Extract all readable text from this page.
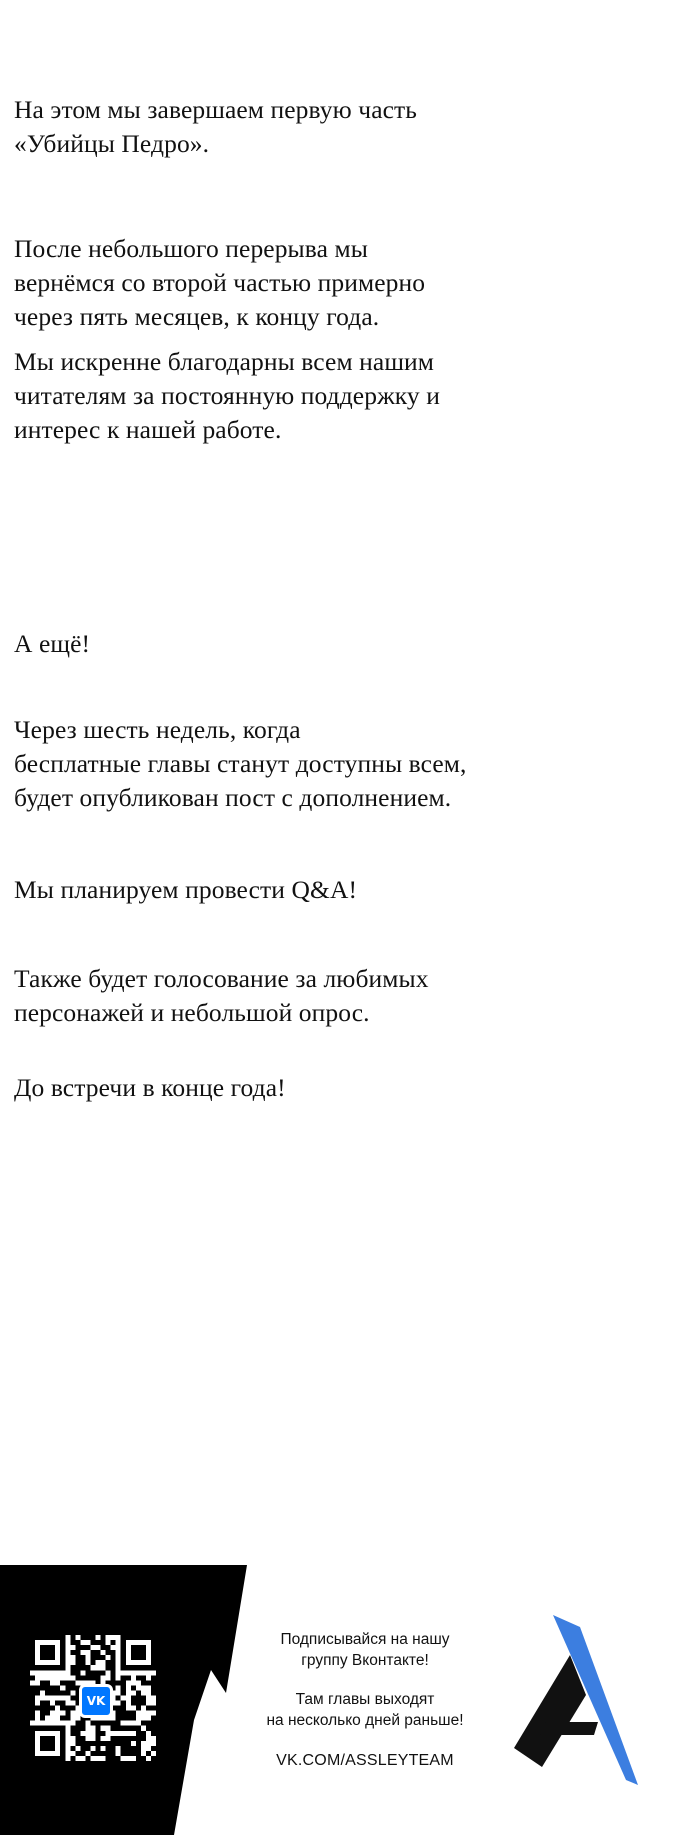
На этом мы завершаем первую часть
«Убийцы Педро».

После небольшого перерыва мы
вернёмся со второй частью примерно
через пять месяцев, к концу года.

Мы искренне благодарны всем нашим
читателям за постоянную поддержку и
интерес к нашей работе.

А ещё!

Через шесть недель, когда
бесплатные главы станут доступны всем,
будет опубликован пост с дополнением.

Мы планируем провести Q&A!

Также будет голосование за любимых
персонажей и небольшой опрос.

До встречи в конце года!

VK
Подписывайся на нашу
группу Вконтакте!
Там главы выходят
на несколько дней раньше!
VK.COM/ASSLEYTEAM
